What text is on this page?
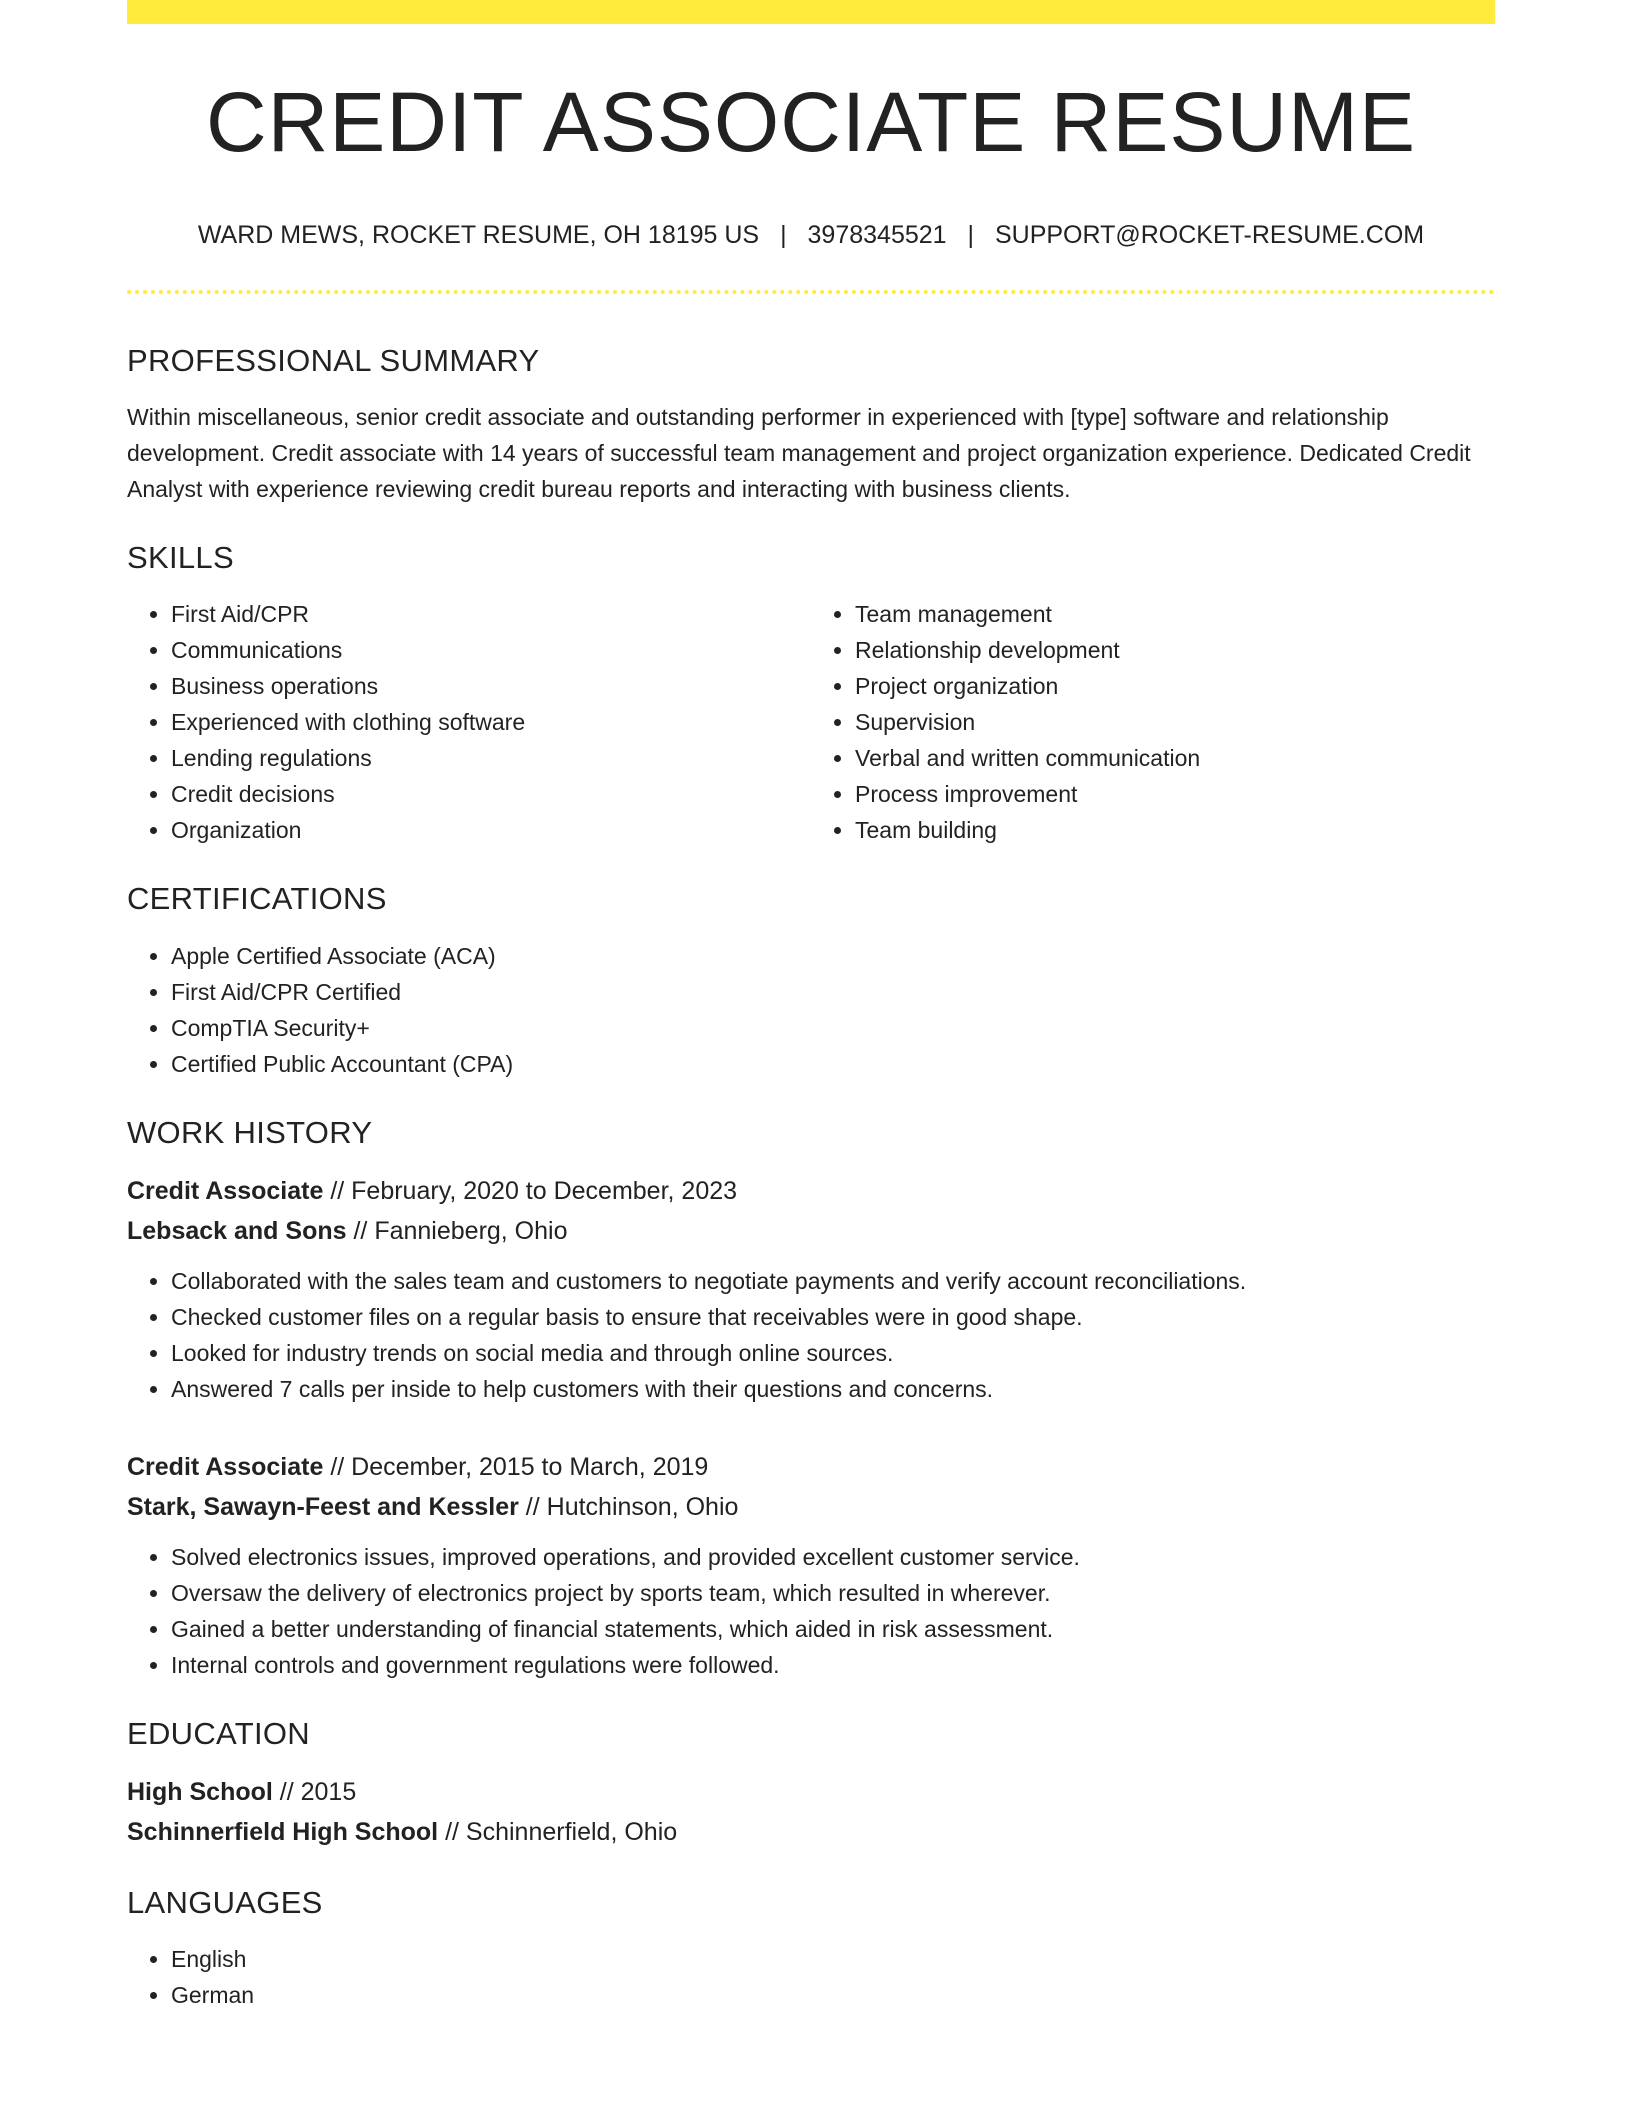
CREDIT ASSOCIATE RESUME
WARD MEWS, ROCKET RESUME, OH 18195 US | 3978345521 | SUPPORT@ROCKET-RESUME.COM
PROFESSIONAL SUMMARY

Within miscellaneous, senior credit associate and outstanding performer in experienced with [type] software and relationship development. Credit associate with 14 years of successful team management and project organization experience. Dedicated Credit Analyst with experience reviewing credit bureau reports and interacting with business clients.

SKILLS
• First Aid/CPR
• Communications
• Business operations
• Experienced with clothing software
• Lending regulations
• Credit decisions
• Organization
• Team management
• Relationship development
• Project organization
• Supervision
• Verbal and written communication
• Process improvement
• Team building
CERTIFICATIONS
• Apple Certified Associate (ACA)
• First Aid/CPR Certified
• CompTIA Security+
• Certified Public Accountant (CPA)
WORK HISTORY

Credit Associate // February, 2020 to December, 2023

Lebsack and Sons // Fannieberg, Ohio

• Collaborated with the sales team and customers to negotiate payments and verify account reconciliations.
• Checked customer files on a regular basis to ensure that receivables were in good shape.
• Looked for industry trends on social media and through online sources.
• Answered 7 calls per inside to help customers with their questions and concerns.

Credit Associate // December, 2015 to March, 2019

Stark, Sawayn-Feest and Kessler // Hutchinson, Ohio

• Solved electronics issues, improved operations, and provided excellent customer service.
• Oversaw the delivery of electronics project by sports team, which resulted in wherever.
• Gained a better understanding of financial statements, which aided in risk assessment.
• Internal controls and government regulations were followed.
EDUCATION

High School // 2015

Schinnerfield High School // Schinnerfield, Ohio

LANGUAGES
• English
• German
